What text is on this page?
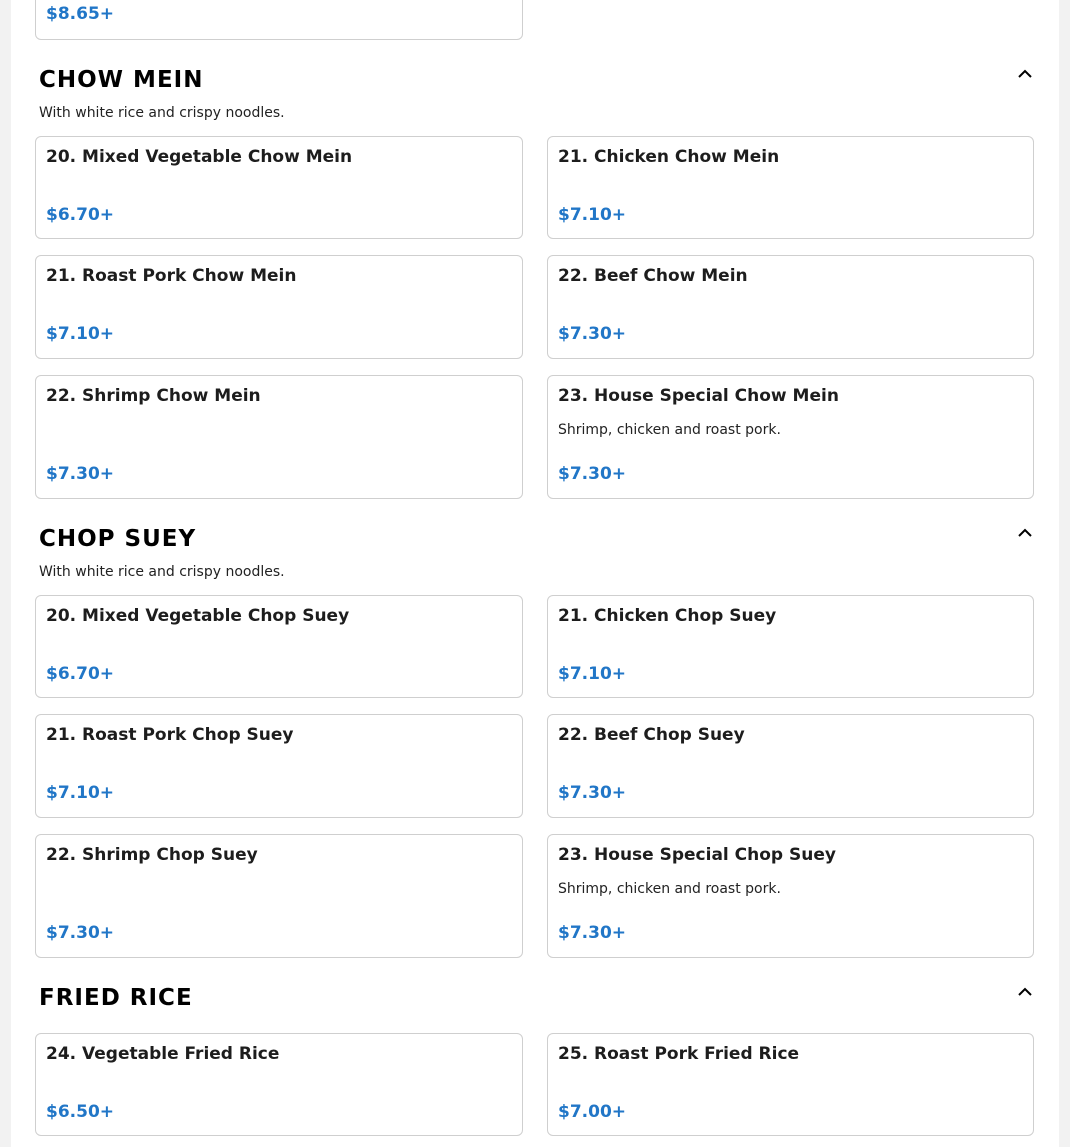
$8.65+
CHOW MEIN
With white rice and crispy noodles.
20. Mixed Vegetable Chow Mein
$6.70+
21. Chicken Chow Mein
$7.10+
21. Roast Pork Chow Mein
$7.10+
22. Beef Chow Mein
$7.30+
22. Shrimp Chow Mein
$7.30+
23. House Special Chow Mein
Shrimp, chicken and roast pork.
$7.30+
CHOP SUEY
With white rice and crispy noodles.
20. Mixed Vegetable Chop Suey
$6.70+
21. Chicken Chop Suey
$7.10+
21. Roast Pork Chop Suey
$7.10+
22. Beef Chop Suey
$7.30+
22. Shrimp Chop Suey
$7.30+
23. House Special Chop Suey
Shrimp, chicken and roast pork.
$7.30+
FRIED RICE
24. Vegetable Fried Rice
$6.50+
25. Roast Pork Fried Rice
$7.00+
